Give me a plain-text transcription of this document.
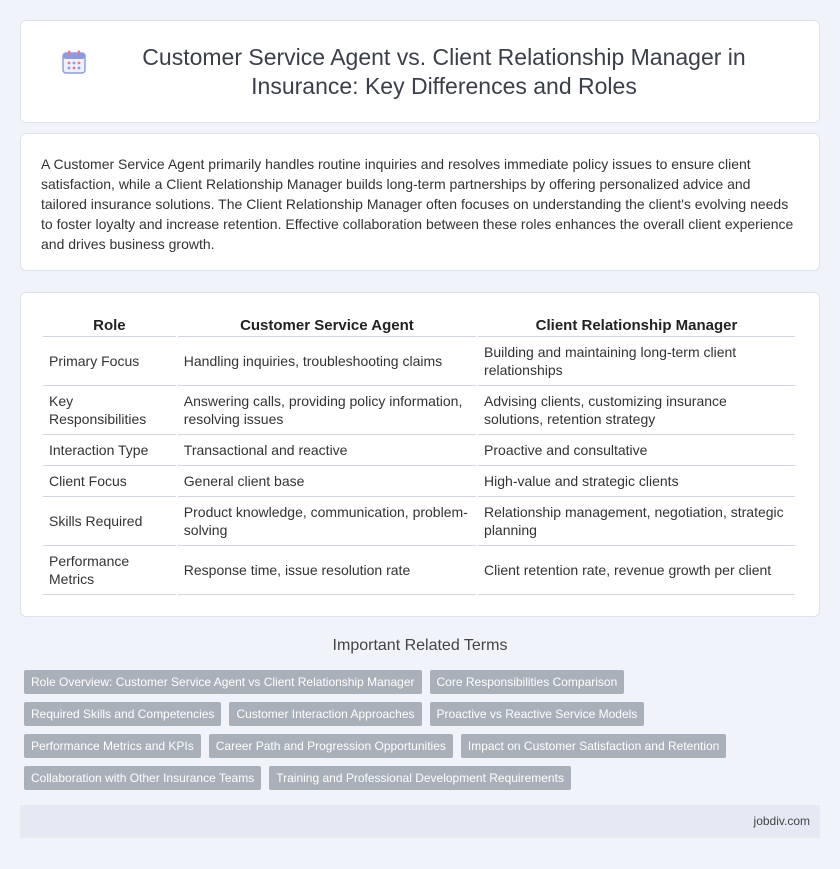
Customer Service Agent vs. Client Relationship Manager in Insurance: Key Differences and Roles

A Customer Service Agent primarily handles routine inquiries and resolves immediate policy issues to ensure client satisfaction, while a Client Relationship Manager builds long-term partnerships by offering personalized advice and tailored insurance solutions. The Client Relationship Manager often focuses on understanding the client's evolving needs to foster loyalty and increase retention. Effective collaboration between these roles enhances the overall client experience and drives business growth.

Role	Customer Service Agent	Client Relationship Manager
Primary Focus	Handling inquiries, troubleshooting claims	Building and maintaining long-term client relationships
Key Responsibilities	Answering calls, providing policy information, resolving issues	Advising clients, customizing insurance solutions, retention strategy
Interaction Type	Transactional and reactive	Proactive and consultative
Client Focus	General client base	High-value and strategic clients
Skills Required	Product knowledge, communication, problem-solving	Relationship management, negotiation, strategic planning
Performance Metrics	Response time, issue resolution rate	Client retention rate, revenue growth per client
Important Related Terms
Role Overview: Customer Service Agent vs Client Relationship Manager	Core Responsibilities Comparison
Required Skills and Competencies	Customer Interaction Approaches	Proactive vs Reactive Service Models
Performance Metrics and KPIs	Career Path and Progression Opportunities	Impact on Customer Satisfaction and Retention
Collaboration with Other Insurance Teams	Training and Professional Development Requirements
jobdiv.com
